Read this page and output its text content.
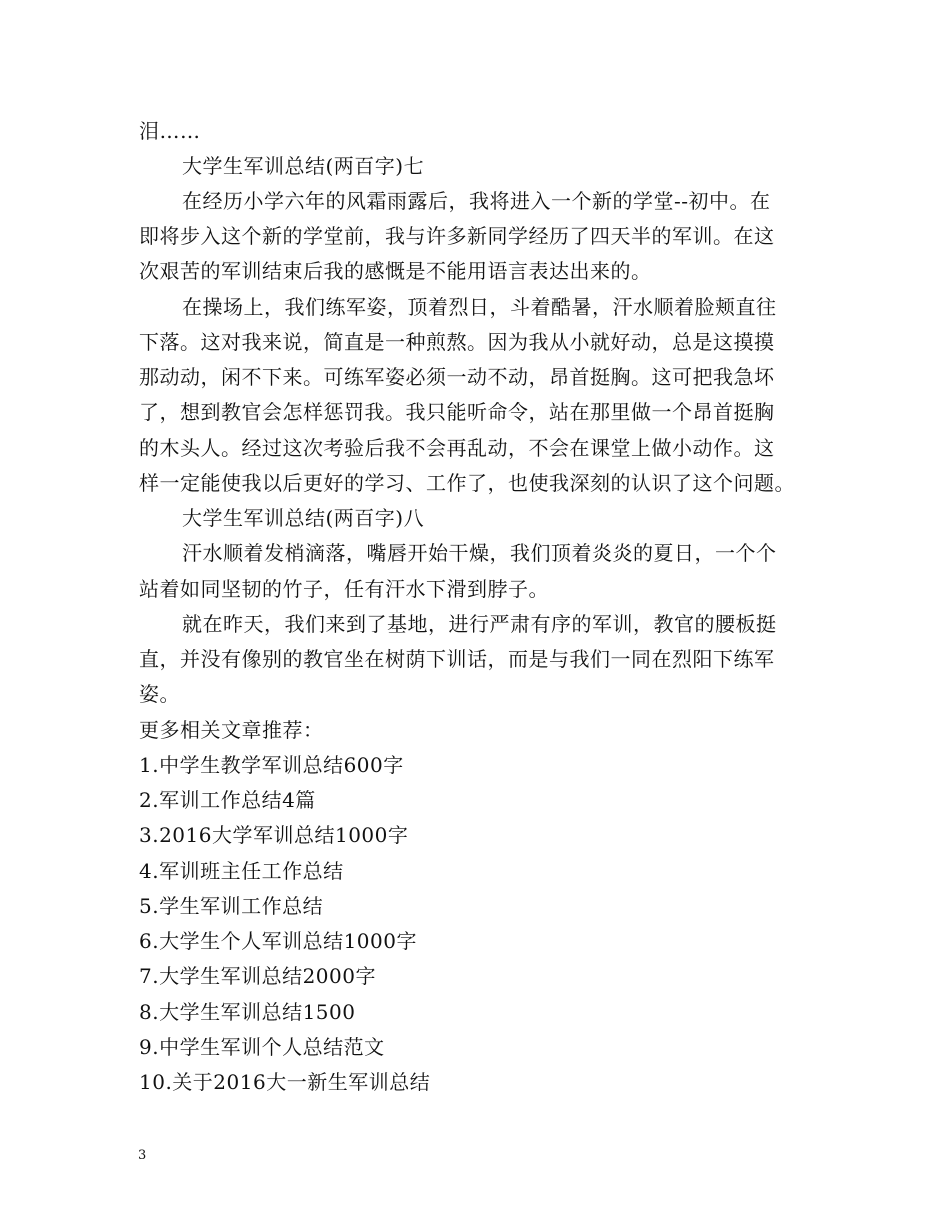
泪……
大学生军训总结(两百字)七
在经历小学六年的风霜雨露后，我将进入一个新的学堂--初中。在
即将步入这个新的学堂前，我与许多新同学经历了四天半的军训。在这
次艰苦的军训结束后我的感慨是不能用语言表达出来的。
在操场上，我们练军姿，顶着烈日，斗着酷暑，汗水顺着脸颊直往
下落。这对我来说，简直是一种煎熬。因为我从小就好动，总是这摸摸
那动动，闲不下来。可练军姿必须一动不动，昂首挺胸。这可把我急坏
了，想到教官会怎样惩罚我。我只能听命令，站在那里做一个昂首挺胸
的木头人。经过这次考验后我不会再乱动，不会在课堂上做小动作。这
样一定能使我以后更好的学习、工作了，也使我深刻的认识了这个问题。
大学生军训总结(两百字)八
汗水顺着发梢滴落，嘴唇开始干燥，我们顶着炎炎的夏日，一个个
站着如同坚韧的竹子，任有汗水下滑到脖子。
就在昨天，我们来到了基地，进行严肃有序的军训，教官的腰板挺
直，并没有像别的教官坐在树荫下训话，而是与我们一同在烈阳下练军
姿。
更多相关文章推荐：
1.中学生教学军训总结600字
2.军训工作总结4篇
3.2016大学军训总结1000字
4.军训班主任工作总结
5.学生军训工作总结
6.大学生个人军训总结1000字
7.大学生军训总结2000字
8.大学生军训总结1500
9.中学生军训个人总结范文
10.关于2016大一新生军训总结
3
